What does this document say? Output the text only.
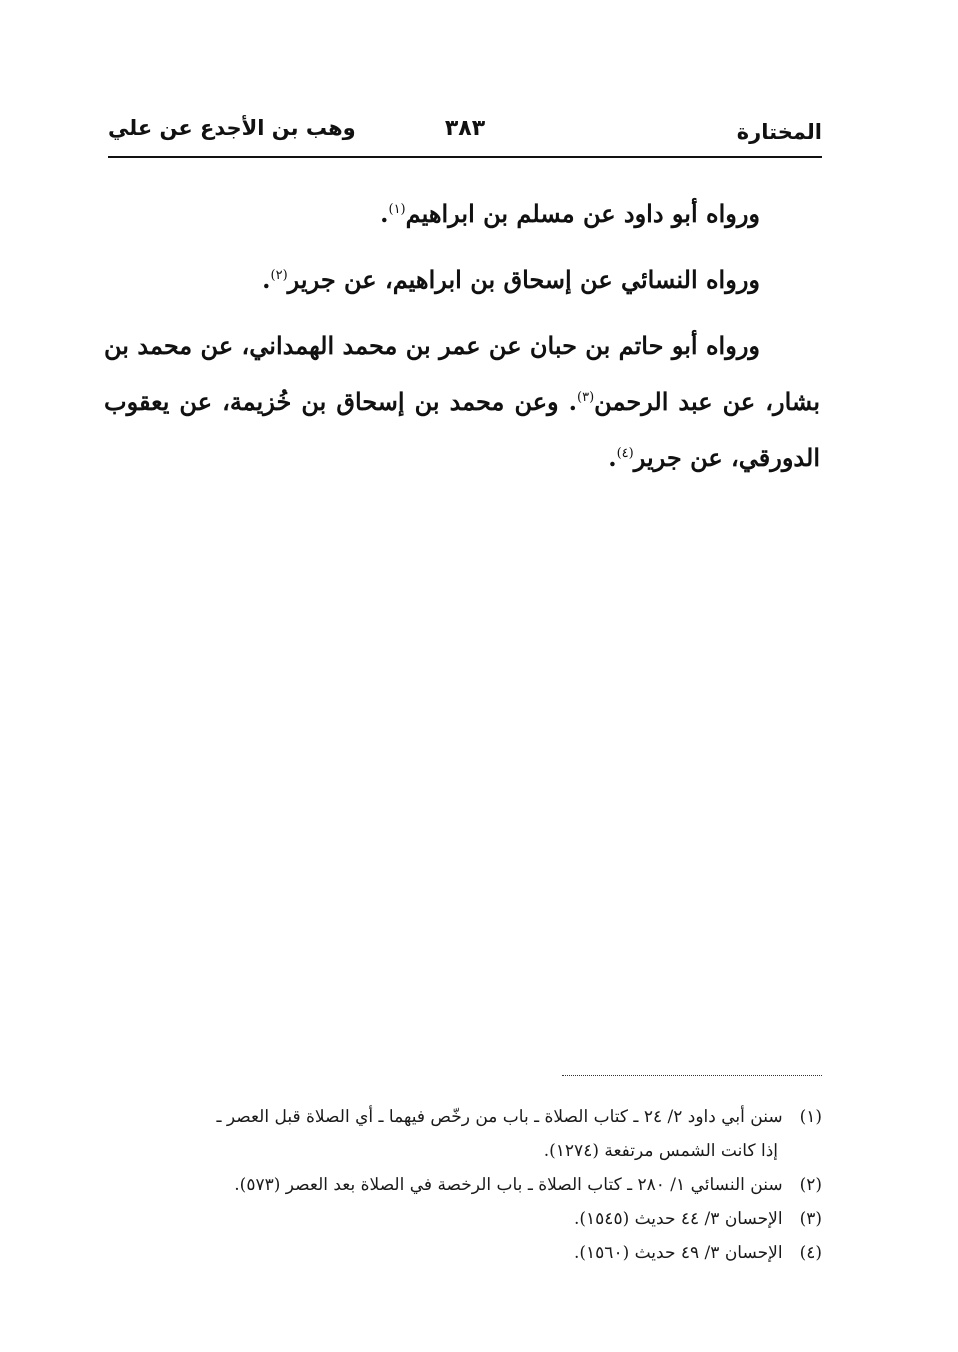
المختارة
٣٨٣
وهب بن الأجدع عن علي
ورواه أبو داود عن مسلم بن ابراهيم$^{(١)}$.
ورواه النسائي عن إسحاق بن ابراهيم، عن جرير$^{(٢)}$.
ورواه أبو حاتم بن حبان عن عمر بن محمد الهمداني، عن محمد بن بشار، عن عبد الرحمن$^{(٣)}$. وعن محمد بن إسحاق بن خُزيمة، عن يعقوب الدورقي، عن جرير$^{(٤)}$.
(١) سنن أبي داود ٢/ ٢٤ ـ كتاب الصلاة ـ باب من رخّص فيهما ـ أي الصلاة قبل العصر ـ
إذا كانت الشمس مرتفعة (١٢٧٤).
(٢) سنن النسائي ١/ ٢٨٠ ـ كتاب الصلاة ـ باب الرخصة في الصلاة بعد العصر (٥٧٣).
(٣) الإحسان ٣/ ٤٤ حديث (١٥٤٥).
(٤) الإحسان ٣/ ٤٩ حديث (١٥٦٠).
